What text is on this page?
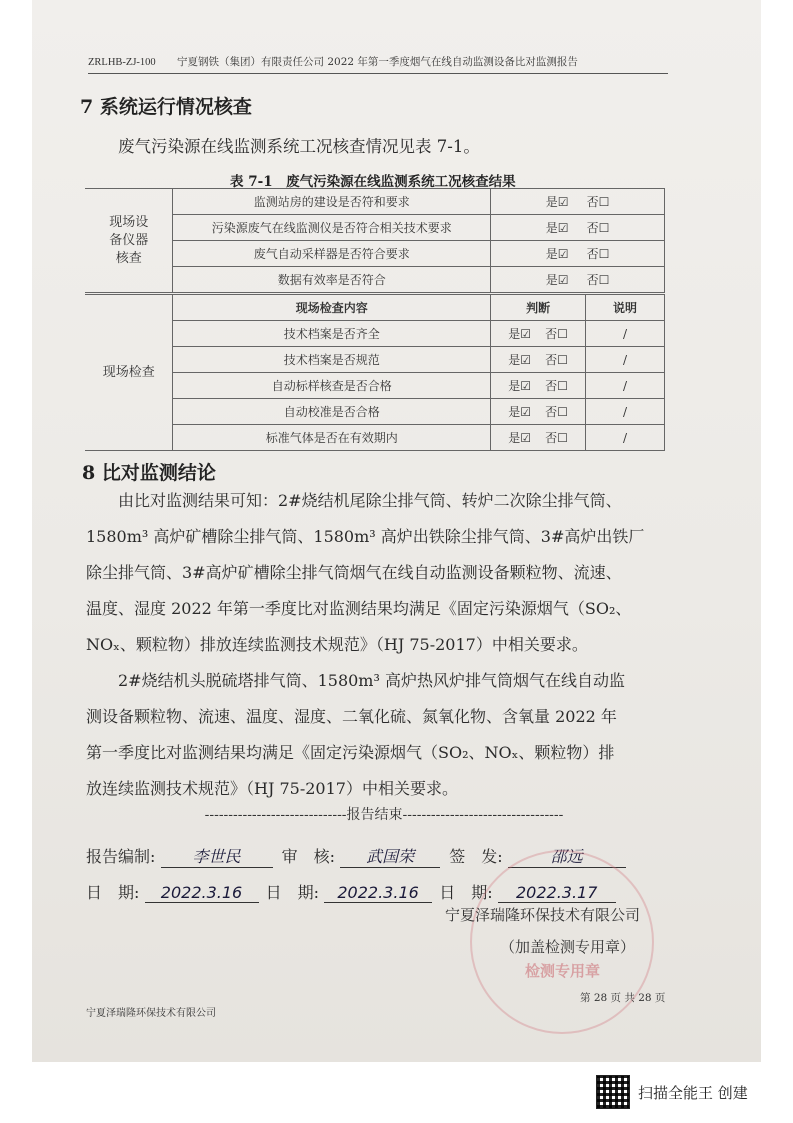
ZRLHB-ZJ-100 宁夏钢铁（集团）有限责任公司 2022 年第一季度烟气在线自动监测设备比对监测报告
7 系统运行情况核查
废气污染源在线监测系统工况核查情况见表 7-1。
表 7-1　废气污染源在线监测系统工况核查结果
现场设备仪器核查	监测站房的建设是否符和要求	是☑ 否☐
	污染源废气在线监测仪是否符合相关技术要求	是☑ 否☐
	废气自动采样器是否符合要求	是☑ 否☐
	数据有效率是否符合	是☑ 否☐
现场检查	现场检查内容	判断	说明
	技术档案是否齐全	是☑ 否☐	/
	技术档案是否规范	是☑ 否☐	/
	自动标样核查是否合格	是☑ 否☐	/
	自动校准是否合格	是☑ 否☐	/
	标准气体是否在有效期内	是☑ 否☐	/
8 比对监测结论
由比对监测结果可知：2#烧结机尾除尘排气筒、转炉二次除尘排气筒、
1580m³ 高炉矿槽除尘排气筒、1580m³ 高炉出铁除尘排气筒、3#高炉出铁厂
除尘排气筒、3#高炉矿槽除尘排气筒烟气在线自动监测设备颗粒物、流速、
温度、湿度 2022 年第一季度比对监测结果均满足《固定污染源烟气（SO₂、
NOₓ、颗粒物）排放连续监测技术规范》（HJ 75-2017）中相关要求。
2#烧结机头脱硫塔排气筒、1580m³ 高炉热风炉排气筒烟气在线自动监
测设备颗粒物、流速、温度、湿度、二氧化硫、氮氧化物、含氧量 2022 年
第一季度比对监测结果均满足《固定污染源烟气（SO₂、NOₓ、颗粒物）排
放连续监测技术规范》（HJ 75-2017）中相关要求。
------------------------------报告结束----------------------------------
报告编制: 李世民	审　核: 武国荣 签　发:	邵远
日　期: 2022.3.16 日　期: 2022.3.16 日　期: 2022.3.17
宁夏泽瑞隆环保技术有限公司
（加盖检测专用章）
检测专用章
第 28 页 共 28 页
宁夏泽瑞隆环保技术有限公司
扫描全能王 创建
